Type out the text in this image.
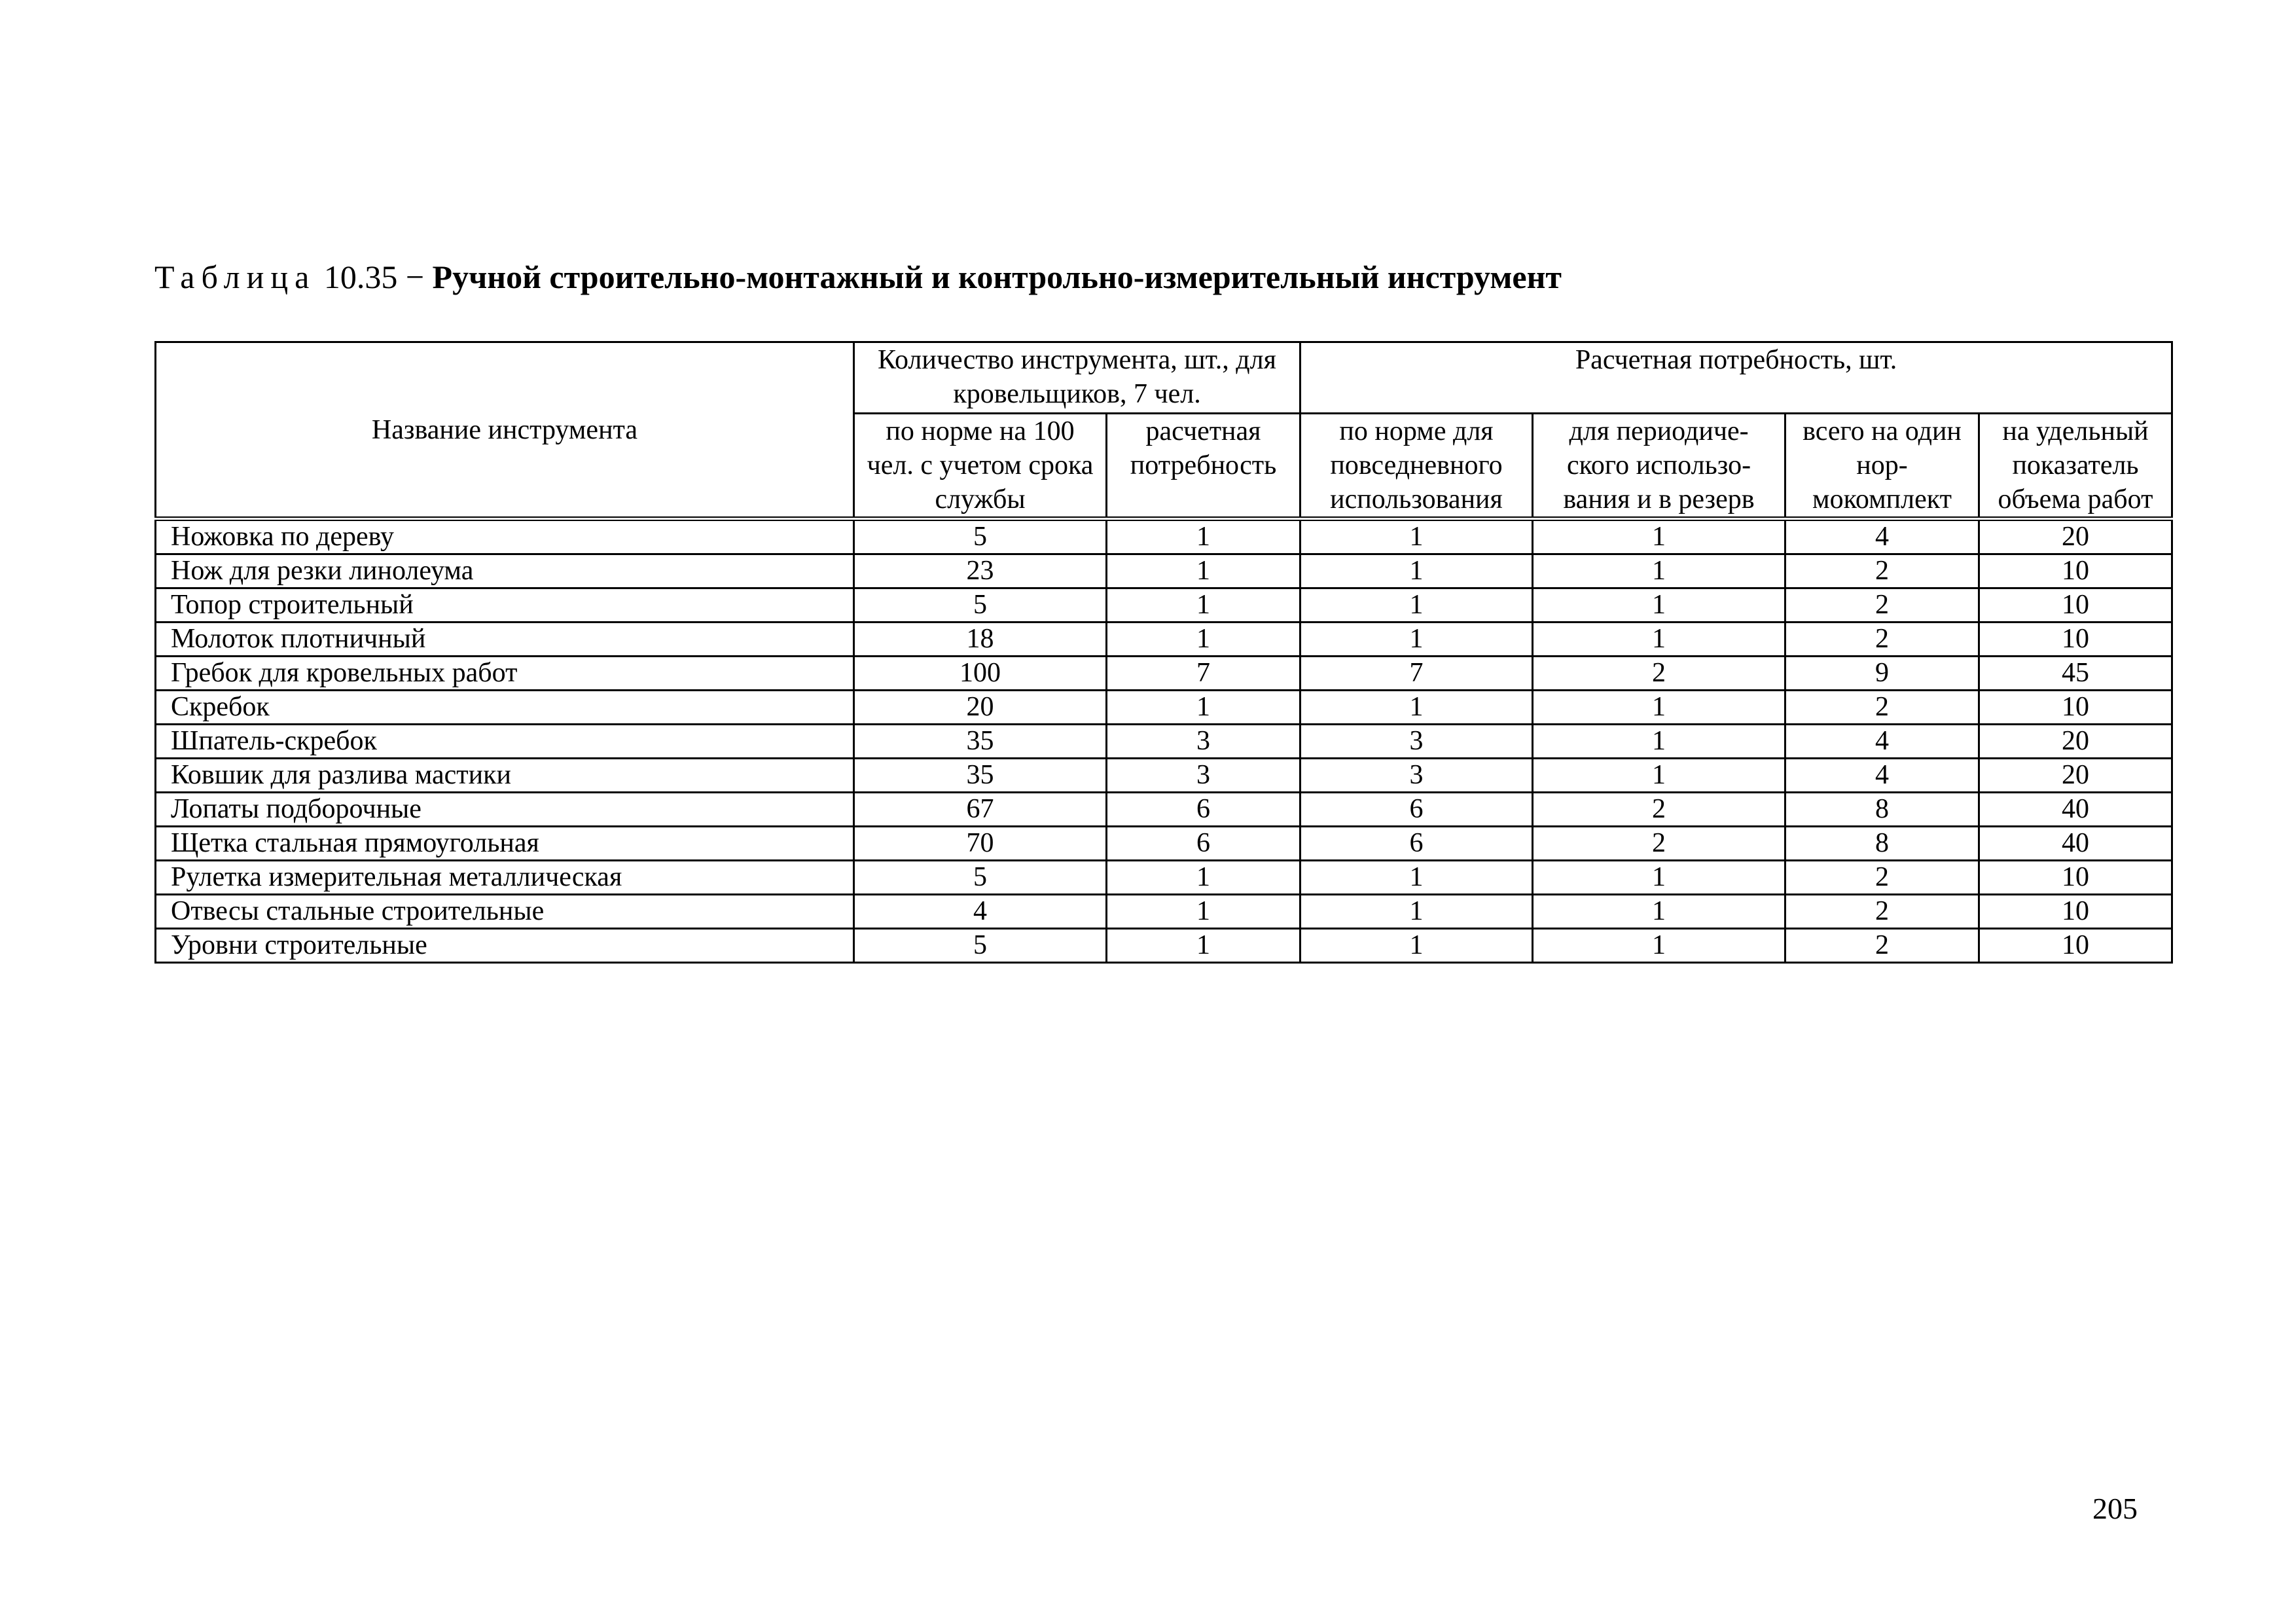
Таблица 10.35 − Ручной строительно-монтажный и контрольно-измерительный инструмент
Название инструмента	Количество инструмента, шт., для кровельщиков, 7 чел.		Расчетная потребность, шт.			
	по норме на 100 чел. с учетом срока службы	расчетная потребность	по норме для повседневного использования	для периодиче-ского использо-вания и в резерв	всего на один нор-мокомплект	на удельный показатель объема работ
Ножовка по дереву	5	1	1	1	4	20
Нож для резки линолеума	23	1	1	1	2	10
Топор строительный	5	1	1	1	2	10
Молоток плотничный	18	1	1	1	2	10
Гребок для кровельных работ	100	7	7	2	9	45
Скребок	20	1	1	1	2	10
Шпатель-скребок	35	3	3	1	4	20
Ковшик для разлива мастики	35	3	3	1	4	20
Лопаты подборочные	67	6	6	2	8	40
Щетка стальная прямоугольная	70	6	6	2	8	40
Рулетка измерительная металлическая	5	1	1	1	2	10
Отвесы стальные строительные	4	1	1	1	2	10
Уровни строительные	5	1	1	1	2	10
205
